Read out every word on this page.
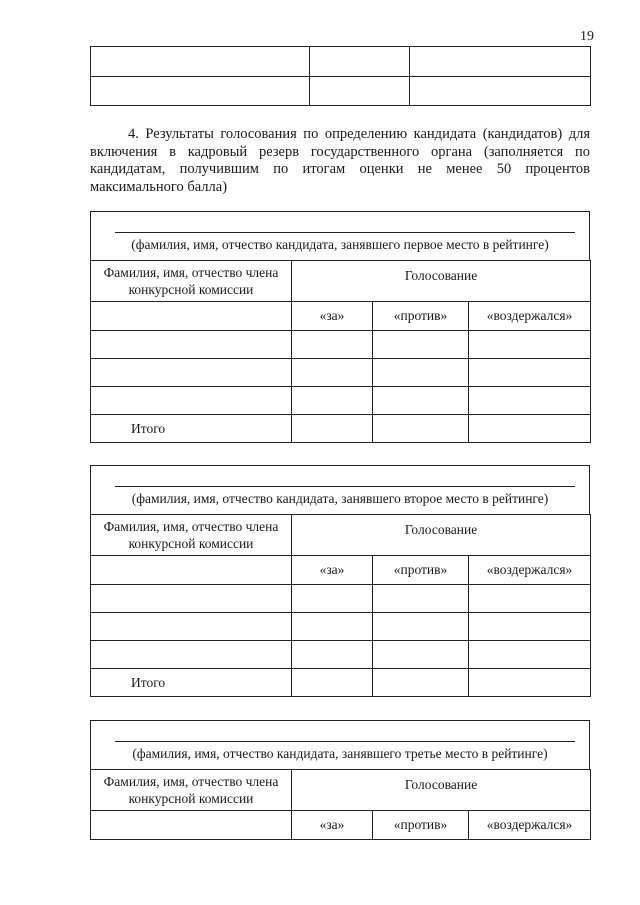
19

4. Результаты голосования по определению кандидата (кандидатов) для включения в кадровый резерв государственного органа (заполняется по кандидатам, получившим по итогам оценки не менее 50 процентов максимального балла)

(фамилия, имя, отчество кандидата, занявшего первое место в рейтинге)
Фамилия, имя, отчество члена конкурсной комиссии	Голосование		

	«за»	«против»	«воздержался»

Итого			
(фамилия, имя, отчество кандидата, занявшего второе место в рейтинге)
Фамилия, имя, отчество члена конкурсной комиссии	Голосование		

	«за»	«против»	«воздержался»

Итого			
(фамилия, имя, отчество кандидата, занявшего третье место в рейтинге)
Фамилия, имя, отчество члена конкурсной комиссии	Голосование		

	«за»	«против»	«воздержался»
